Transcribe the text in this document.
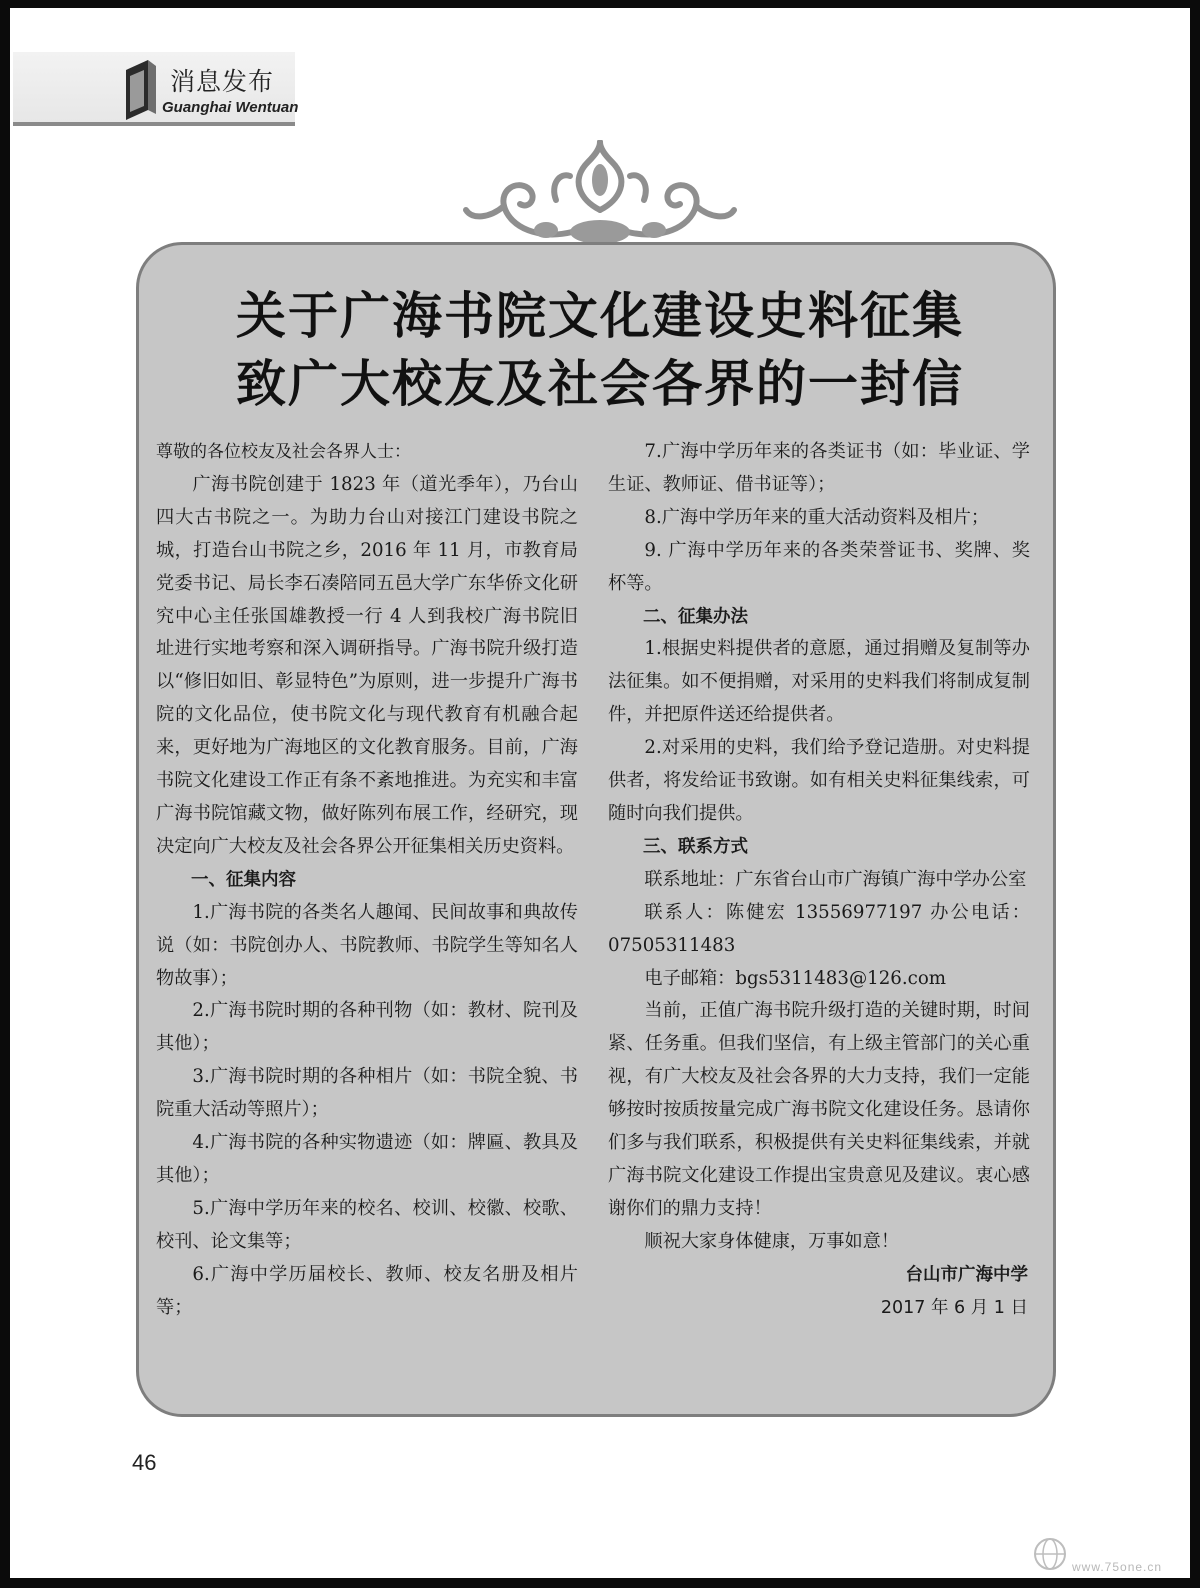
消息发布
Guanghai Wentuan
关于广海书院文化建设史料征集
致广大校友及社会各界的一封信

尊敬的各位校友及社会各界人士：

广海书院创建于 1823 年（道光季年），乃台山四大古书院之一。为助力台山对接江门建设书院之城，打造台山书院之乡，2016 年 11 月，市教育局党委书记、局长李石凑陪同五邑大学广东华侨文化研究中心主任张国雄教授一行 4 人到我校广海书院旧址进行实地考察和深入调研指导。广海书院升级打造以“修旧如旧、彰显特色”为原则，进一步提升广海书院的文化品位，使书院文化与现代教育有机融合起来，更好地为广海地区的文化教育服务。目前，广海书院文化建设工作正有条不紊地推进。为充实和丰富广海书院馆藏文物，做好陈列布展工作，经研究，现决定向广大校友及社会各界公开征集相关历史资料。

一、征集内容

1.广海书院的各类名人趣闻、民间故事和典故传说（如：书院创办人、书院教师、书院学生等知名人物故事）；

2.广海书院时期的各种刊物（如：教材、院刊及其他）；

3.广海书院时期的各种相片（如：书院全貌、书院重大活动等照片）；

4.广海书院的各种实物遗迹（如：牌匾、教具及其他）；

5.广海中学历年来的校名、校训、校徽、校歌、校刊、论文集等；

6.广海中学历届校长、教师、校友名册及相片等；

7.广海中学历年来的各类证书（如：毕业证、学生证、教师证、借书证等）；

8.广海中学历年来的重大活动资料及相片；

9. 广海中学历年来的各类荣誉证书、奖牌、奖杯等。

二、征集办法

1.根据史料提供者的意愿，通过捐赠及复制等办法征集。如不便捐赠，对采用的史料我们将制成复制件，并把原件送还给提供者。

2.对采用的史料，我们给予登记造册。对史料提供者，将发给证书致谢。如有相关史料征集线索，可随时向我们提供。

三、联系方式

联系地址：广东省台山市广海镇广海中学办公室

联系人：陈健宏 13556977197 办公电话：07505311483

电子邮箱：bgs5311483@126.com

当前，正值广海书院升级打造的关键时期，时间紧、任务重。但我们坚信，有上级主管部门的关心重视，有广大校友及社会各界的大力支持，我们一定能够按时按质按量完成广海书院文化建设任务。恳请你们多与我们联系，积极提供有关史料征集线索，并就广海书院文化建设工作提出宝贵意见及建议。衷心感谢你们的鼎力支持！

顺祝大家身体健康，万事如意！

台山市广海中学

2017 年 6 月 1 日

46
www.75one.cn
